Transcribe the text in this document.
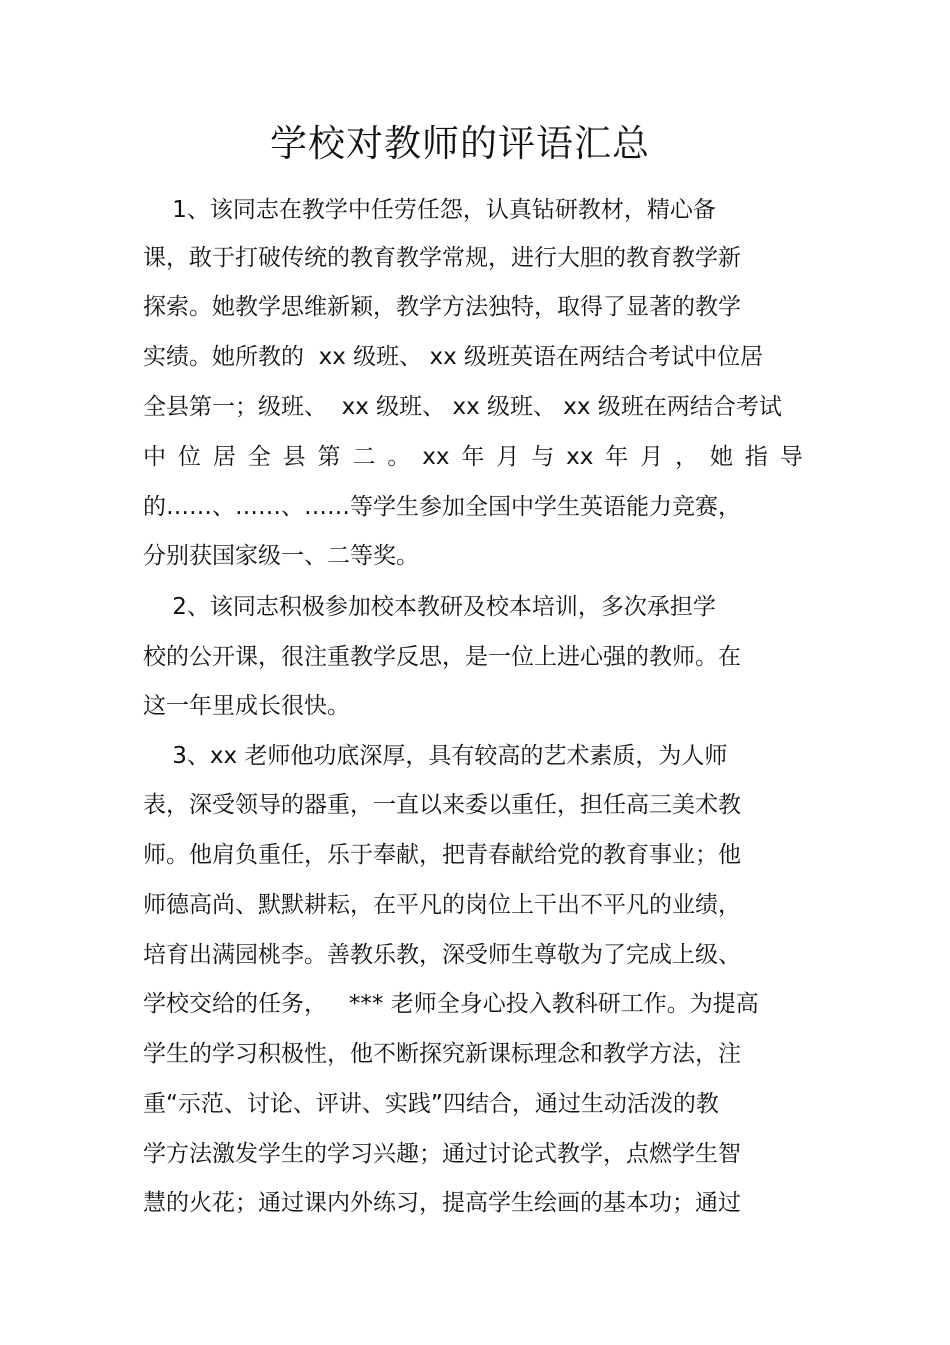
学校对教师的评语汇总
1、该同志在教学中任劳任怨，认真钻研教材，精心备
课，敢于打破传统的教育教学常规，进行大胆的教育教学新
探索。她教学思维新颖，教学方法独特，取得了显著的教学
实绩。她所教的  xx 级班、 xx 级班英语在两结合考试中位居
全县第一；级班、  xx 级班、 xx 级班、 xx 级班在两结合考试
中 位 居 全 县 第 二 。 xx 年 月 与 xx 年 月 ， 她 指 导
的……、……、……等学生参加全国中学生英语能力竞赛，
分别获国家级一、二等奖。
2、该同志积极参加校本教研及校本培训，多次承担学
校的公开课，很注重教学反思，是一位上进心强的教师。在
这一年里成长很快。
3、xx 老师他功底深厚，具有较高的艺术素质，为人师
表，深受领导的器重，一直以来委以重任，担任高三美术教
师。他肩负重任，乐于奉献，把青春献给党的教育事业；他
师德高尚、默默耕耘，在平凡的岗位上干出不平凡的业绩，
培育出满园桃李。善教乐教，深受师生尊敬为了完成上级、
学校交给的任务，   *** 老师全身心投入教科研工作。为提高
学生的学习积极性，他不断探究新课标理念和教学方法，注
重“示范、讨论、评讲、实践”四结合，通过生动活泼的教
学方法激发学生的学习兴趣；通过讨论式教学，点燃学生智
慧的火花；通过课内外练习，提高学生绘画的基本功；通过
